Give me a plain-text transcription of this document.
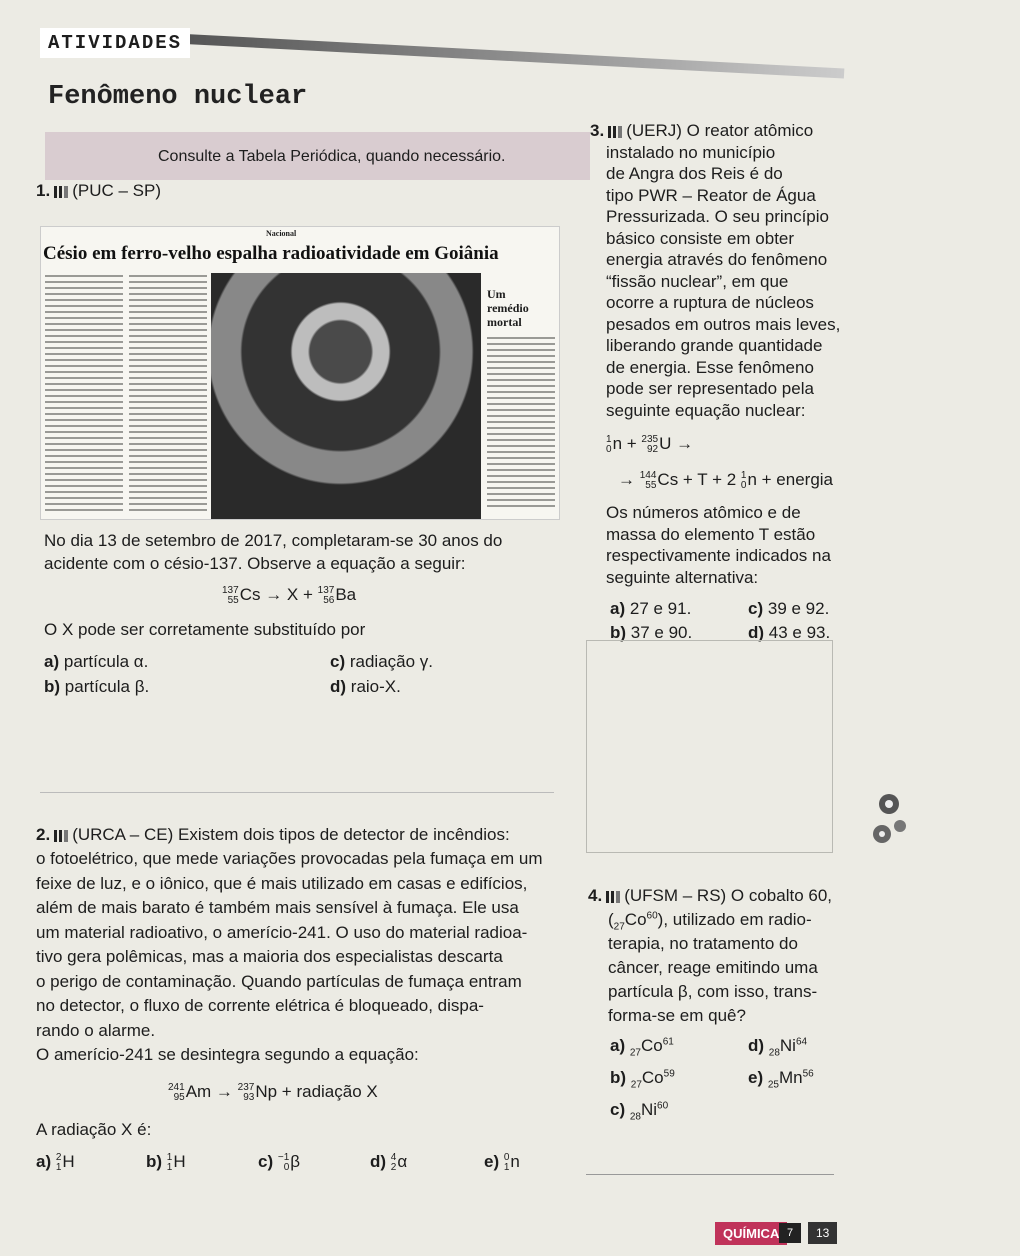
ATIVIDADES
Fenômeno nuclear
Consulte a Tabela Periódica, quando necessário.
1. (PUC – SP)
Nacional
Césio em ferro-velho espalha radioatividade em Goiânia
Um
remédio
mortal
No dia 13 de setembro de 2017, completaram-se 30 anos do
acidente com o césio-137. Observe a equação a seguir:
137
55 Cs → X + 137
56 Ba
O X pode ser corretamente substituído por
a) partícula α.	c) radiação γ.
b) partícula β.	d) raio-X.
2. (URCA – CE) Existem dois tipos de detector de incêndios:
o fotoelétrico, que mede variações provocadas pela fumaça em um
feixe de luz, e o iônico, que é mais utilizado em casas e edifícios,
além de mais barato é também mais sensível à fumaça. Ele usa
um material radioativo, o amerício-241. O uso do material radioa-
tivo gera polêmicas, mas a maioria dos especialistas descarta
o perigo de contaminação. Quando partículas de fumaça entram
no detector, o fluxo de corrente elétrica é bloqueado, dispa-
rando o alarme.
O amerício-241 se desintegra segundo a equação:
241
95 Am → 237
93 Np + radiação X
A radiação X é:
a) 2
1 H	b) 1
1 H	c) −1
0 β	d) 4
2 α	e) 0
1 n
3. (UERJ) O reator atômico
instalado no município
de Angra dos Reis é do
tipo PWR – Reator de Água
Pressurizada. O seu princípio
básico consiste em obter
energia através do fenômeno
“fissão nuclear”, em que
ocorre a ruptura de núcleos
pesados em outros mais leves,
liberando grande quantidade
de energia. Esse fenômeno
pode ser representado pela
seguinte equação nuclear:
1
0 n + 235
92 U →
→ 144
55 Cs + T + 2 1
0 n + energia
Os números atômico e de
massa do elemento T estão
respectivamente indicados na
seguinte alternativa:
a) 27 e 91.	c) 39 e 92.
b) 37 e 90.	d) 43 e 93.
4. (UFSM – RS) O cobalto 60,
$(_{27}Co^{60})$, utilizado em radio-
terapia, no tratamento do
câncer, reage emitindo uma
partícula β, com isso, trans-
forma-se em quê?
a) $_{27}Co^{61}$	d) $_{28}Ni^{64}$
b) $_{27}Co^{59}$	e) $_{25}Mn^{56}$
c) $_{28}Ni^{60}$
QUÍMICA 7	13
